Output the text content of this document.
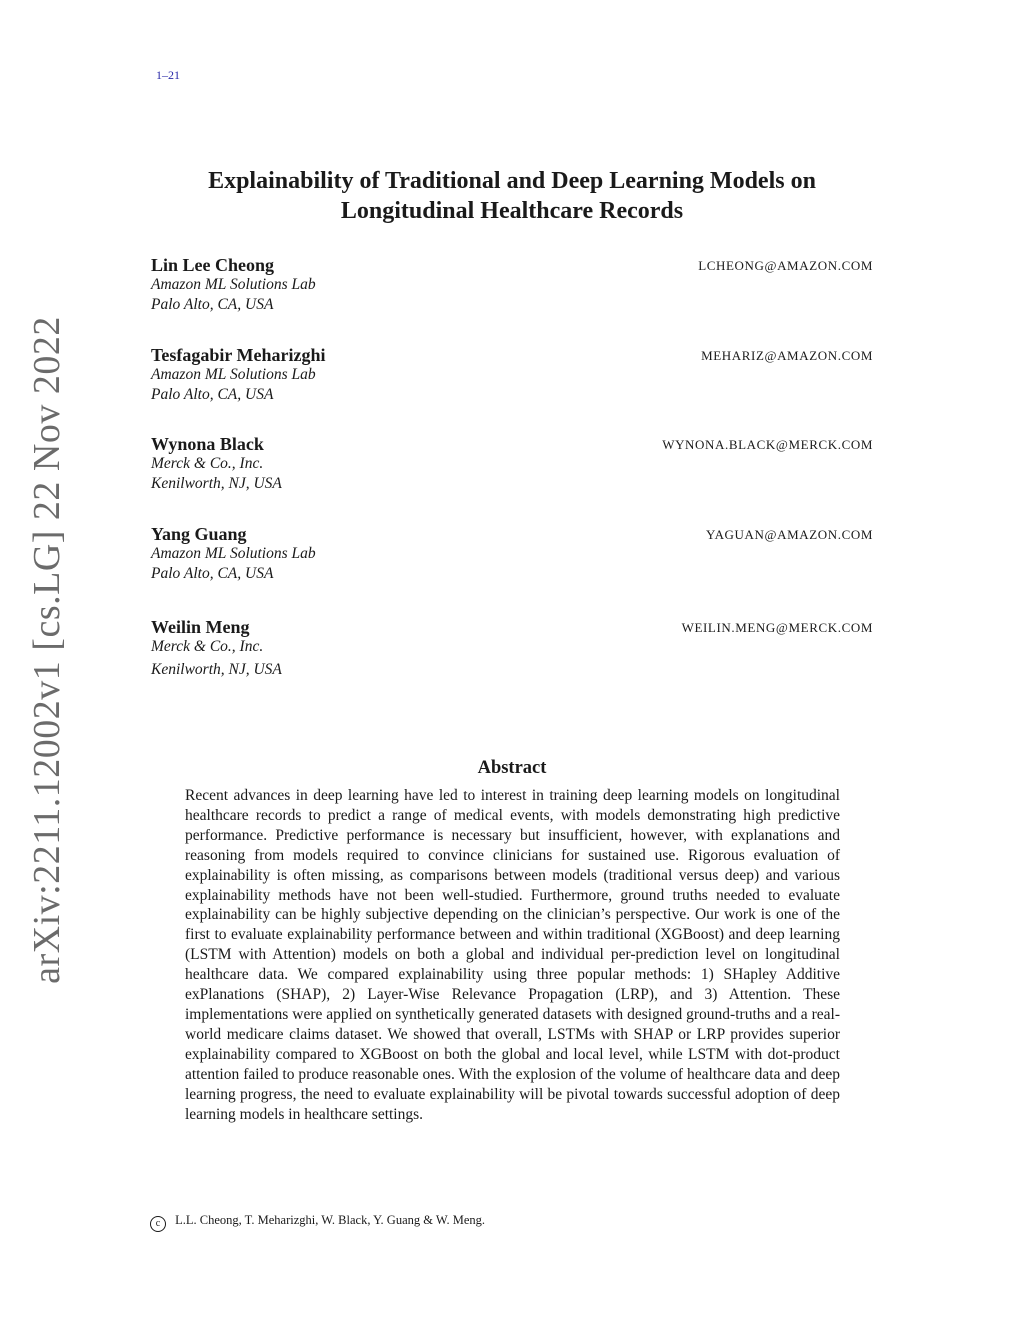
1–21
arXiv:2211.12002v1 [cs.LG] 22 Nov 2022
Explainability of Traditional and Deep Learning Models on Longitudinal Healthcare Records
Lin Lee Cheong	LCHEONG@AMAZON.COM
Amazon ML Solutions Lab
Palo Alto, CA, USA
Tesfagabir Meharizghi	MEHARIZ@AMAZON.COM
Amazon ML Solutions Lab
Palo Alto, CA, USA
Wynona Black	WYNONA.BLACK@MERCK.COM
Merck & Co., Inc.
Kenilworth, NJ, USA
Yang Guang	YAGUAN@AMAZON.COM
Amazon ML Solutions Lab
Palo Alto, CA, USA
Weilin Meng	WEILIN.MENG@MERCK.COM
Merck & Co., Inc.
Kenilworth, NJ, USA
Abstract

Recent advances in deep learning have led to interest in training deep learning models on longitudinal healthcare records to predict a range of medical events, with models demonstrating high predictive performance. Predictive performance is necessary but insufficient, however, with explanations and reasoning from models required to convince clinicians for sustained use. Rigorous evaluation of explainability is often missing, as comparisons between models (traditional versus deep) and various explainability methods have not been well-studied. Furthermore, ground truths needed to evaluate explainability can be highly subjective depending on the clinician’s perspective. Our work is one of the first to evaluate explainability performance between and within traditional (XGBoost) and deep learning (LSTM with Attention) models on both a global and individual per-prediction level on longitudinal healthcare data. We compared explainability using three popular methods: 1) SHapley Additive exPlanations (SHAP), 2) Layer-Wise Relevance Propagation (LRP), and 3) Attention. These implementations were applied on synthetically generated datasets with designed ground-truths and a real-world medicare claims dataset. We showed that overall, LSTMs with SHAP or LRP provides superior explainability compared to XGBoost on both the global and local level, while LSTM with dot-product attention failed to produce reasonable ones. With the explosion of the volume of healthcare data and deep learning progress, the need to evaluate explainability will be pivotal towards successful adoption of deep learning models in healthcare settings.

c L.L. Cheong, T. Meharizghi, W. Black, Y. Guang & W. Meng.
